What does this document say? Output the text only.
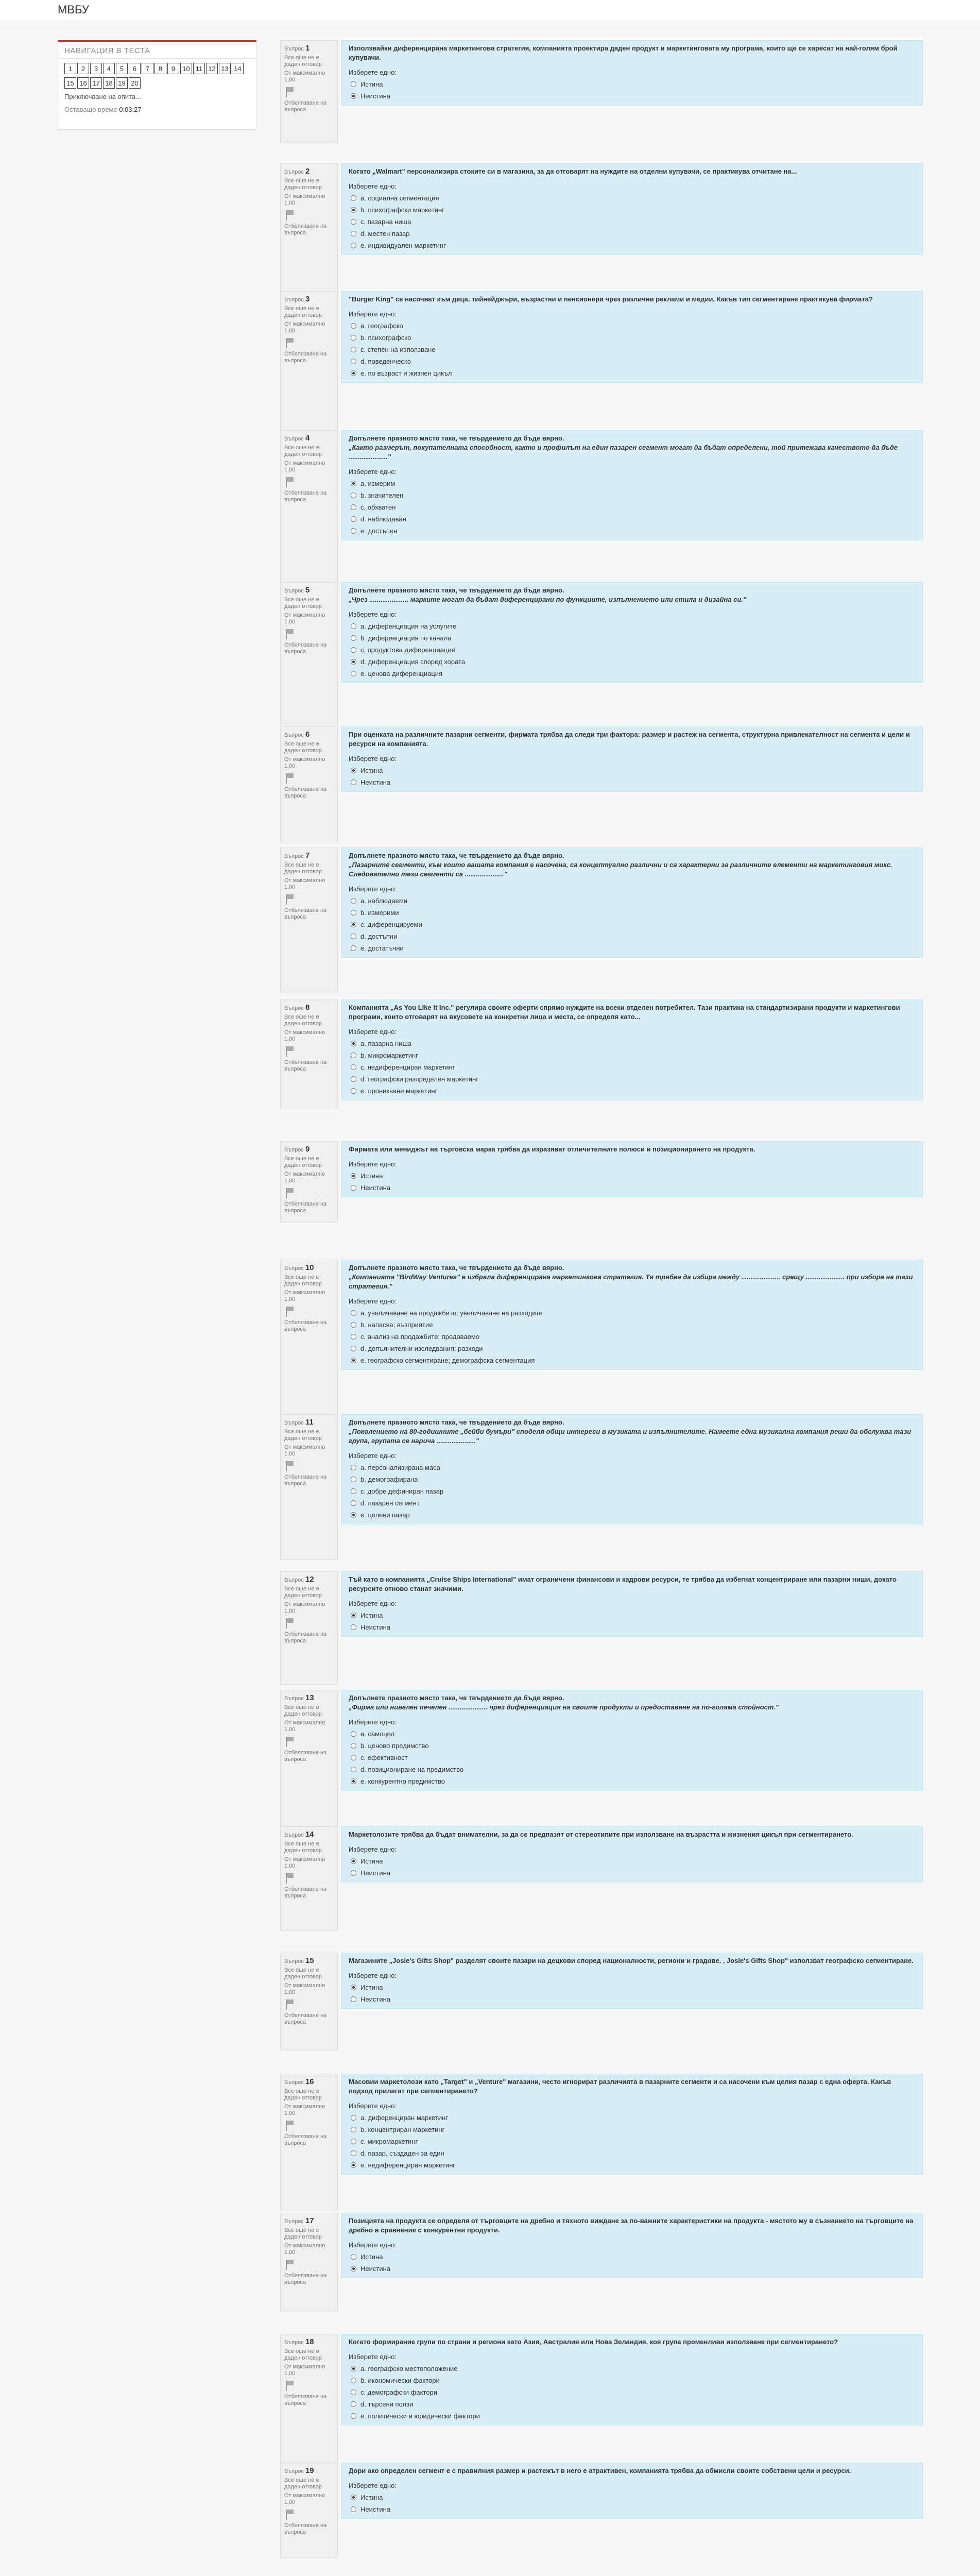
МВБУ
НАВИГАЦИЯ В ТЕСТА
1	2	3	4	5	6	7	8	9	10 11 12 13 14
15 16 17 18 19 20
Приключване на опита...
Оставащо време 0:03:27
Въпрос 1
Все още не е даден отговор
От максимално 1,00
Отбелязване на въпроса
Използвайки диференцирана маркетингова стратегия, компанията проектира даден продукт и маркетинговата му програма, които ще се харесат на най-голям брой купувачи.
Изберете едно:
Истина
Неистина
Въпрос 2
Все още не е даден отговор
От максимално 1,00
Отбелязване на въпроса
Когато „Walmart" персонализира стоките си в магазина, за да отговарят на нуждите на отделни купувачи, се практикува отчитане на...
Изберете едно:
a. социална сегментация
b. психографски маркетинг
c. пазарна ниша
d. местен пазар
e. индивидуален маркетинг
Въпрос 3
Все още не е даден отговор
От максимално 1,00
Отбелязване на въпроса
"Burger King" се насочват към деца, тийнейджъри, възрастни и пенсионери чрез различни реклами и медии. Какъв тип сегментиране практикува фирмата?
Изберете едно:
a. географско
b. психографско
c. степен на използване
d. поведенческо
e. по възраст и жизнен цикъл
Въпрос 4
Все още не е даден отговор
От максимално 1,00
Отбелязване на въпроса
Допълнете празното място така, че твърдението да бъде вярно.
„Както размерът, покупателната способност, както и профилът на един пазарен сегмент могат да бъдат определени, той притежава качеството да бъде ....................."
Изберете едно:
a. измерим
b. значителен
c. обхватен
d. наблюдаван
e. достъпен
Въпрос 5
Все още не е даден отговор
От максимално 1,00
Отбелязване на въпроса
Допълнете празното място така, че твърдението да бъде вярно.
„Чрез ..................... марките могат да бъдат диференцирани по функциите, изпълнението или стила и дизайна си."
Изберете едно:
a. диференциация на услугите
b. диференциация по канала
c. продуктова диференциация
d. диференциация според хората
e. ценова диференциация
Въпрос 6
Все още не е даден отговор
От максимално 1,00
Отбелязване на въпроса
При оценката на различните пазарни сегменти, фирмата трябва да следи три фактора: размер и растеж на сегмента, структурна привлекателност на сегмента и цели и ресурси на компанията.
Изберете едно:
Истина
Неистина
Въпрос 7
Все още не е даден отговор
От максимално 1,00
Отбелязване на въпроса
Допълнете празното място така, че твърдението да бъде вярно.
„Пазарните сегменти, към които вашата компания е насочена, са концептуално различни и са характерни за различните елементи на маркетинговия микс. Следователно тези сегменти са ....................."
Изберете едно:
a. наблюдаеми
b. измерими
c. диференцируеми
d. достъпни
e. достатъчни
Въпрос 8
Все още не е даден отговор
От максимално 1,00
Отбелязване на въпроса
Компанията „As You Like It Inc." регулира своите оферти спрямо нуждите на всеки отделен потребител. Тази практика на стандартизирани продукти и маркетингови програми, които отговарят на вкусовете на конкретни лица и места, се определя като...
Изберете едно:
a. пазарна ниша
b. микромаркетинг
c. недиференциран маркетинг
d. географски разпределен маркетинг
e. проникване маркетинг
Въпрос 9
Все още не е даден отговор
От максимално 1,00
Отбелязване на въпроса
Фирмата или мениджът на търговска марка трябва да изразяват отличителните полюси и позиционирането на продукта.
Изберете едно:
Истина
Неистина
Въпрос 10
Все още не е даден отговор
От максимално 1,00
Отбелязване на въпроса
Допълнете празното място така, че твърдението да бъде вярно.
„Компанията "BirdWay Ventures" е избрала диференцирана маркетингова стратегия. Тя трябва да избира между ..................... срещу ..................... при избора на тази стратегия."
Изберете едно:
a. увеличаване на продажбите; увеличаване на разходите
b. напасва; възприятие
c. анализ на продажбите; продаваемо
d. допълнителни изследвания; разходи
e. географско сегментиране; демографска сегментация
Въпрос 11
Все още не е даден отговор
От максимално 1,00
Отбелязване на въпроса
Допълнете празното място така, че твърдението да бъде вярно.
„Поколението на 80-годишните „бейби бумъри" споделя общи интереси в музиката и изпълнителите. Намеете една музикална компания реши да обслужва тази група, групата се нарича ....................."
Изберете едно:
a. персонализирана маса
b. демографирана
c. добре дефиниран пазар
d. пазарен сегмент
e. целеви пазар
Въпрос 12
Все още не е даден отговор
От максимално 1,00
Отбелязване на въпроса
Тъй като в компанията „Cruise Ships International" имат ограничени финансови и кадрови ресурси, те трябва да избегнат концентриране или пазарни ниши, докато ресурсите отново станат значими.
Изберете едно:
Истина
Неистина
Въпрос 13
Все още не е даден отговор
От максимално 1,00
Отбелязване на въпроса
Допълнете празното място така, че твърдението да бъде вярно.
„Фирма или нивелен печелен ..................... чрез диференциация на своите продукти и предоставяне на по-голяма стойност."
Изберете едно:
a. самоцел
b. ценово предимство
c. ефективност
d. позициониране на предимство
e. конкурентно предимство
Въпрос 14
Все още не е даден отговор
От максимално 1,00
Отбелязване на въпроса
Маркетолозите трябва да бъдат внимателни, за да се предпазят от стереотипите при използване на възрастта и жизнения цикъл при сегментирането.
Изберете едно:
Истина
Неистина
Въпрос 15
Все още не е даден отговор
От максимално 1,00
Отбелязване на въпроса
Магазините „Josie's Gifts Shop" разделят своите пазари на децкови според националности, региони и градове. , Josie's Gifts Shop" използват географско сегментиране.
Изберете едно:
Истина
Неистина
Въпрос 16
Все още не е даден отговор
От максимално 1,00
Отбелязване на въпроса
Масовии маркетолози като „Target" и „Venture" магазини, често игнорират различията в пазарните сегменти и са насочени към целия пазар с една оферта. Какъв подход прилагат при сегментирането?
Изберете едно:
a. диференциран маркетинг
b. концентриран маркетинг
c. микромаркетинг
d. пазар, създаден за един
e. недиференциран маркетинг
Въпрос 17
Все още не е даден отговор
От максимално 1,00
Отбелязване на въпроса
Позицията на продукта се определя от търговците на дребно и тяхното виждане за по-важните характеристики на продукта - мястото му в съзнанието на търговците на дребно в сравнение с конкурентни продукти.
Изберете едно:
Истина
Неистина
Въпрос 18
Все още не е даден отговор
От максимално 1,00
Отбелязване на въпроса
Когато формирание групи по страни и региони като Азия, Австралия или Нова Зеландия, коя група променливи използване при сегментирането?
Изберете едно:
a. географско местоположение
b. икономически фактори
c. демографски фактори
d. търсени ползи
e. политически и юридически фактори
Въпрос 19
Все още не е даден отговор
От максимално 1,00
Отбелязване на въпроса
Дори ако определен сегмент е с правилния размер и растежът в него е атрактивен, компанията трябва да обмисли своите собствени цели и ресурси.
Изберете едно:
Истина
Неистина
